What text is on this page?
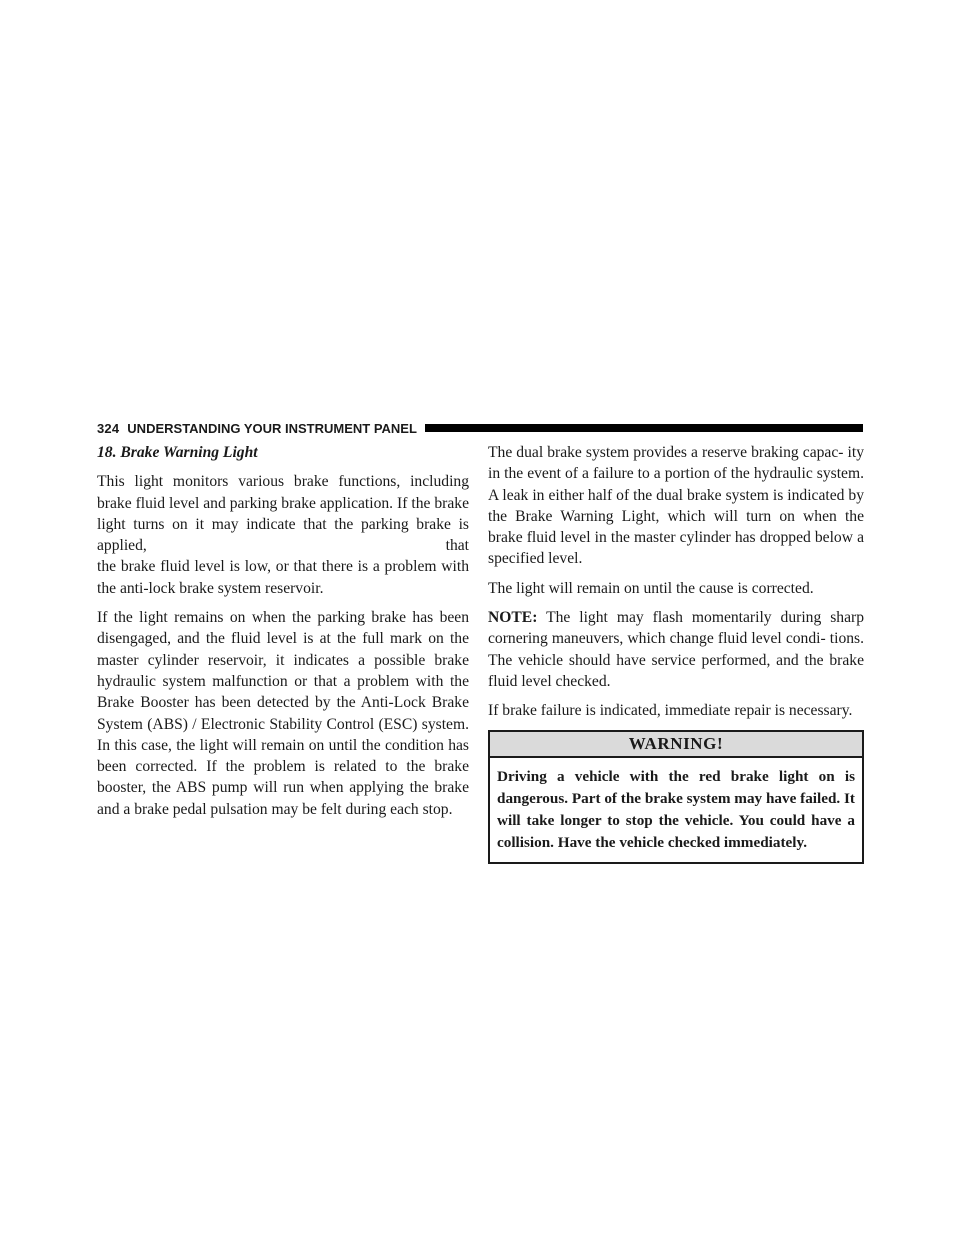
324 UNDERSTANDING YOUR INSTRUMENT PANEL

18. Brake Warning Light

This light monitors various brake functions, including brake fluid level and parking brake application. If the brake light turns on it may indicate that the parking brake is applied, that

the brake fluid level is low, or that there is a problem with the anti-lock brake system reservoir.

If the light remains on when the parking brake has been disengaged, and the fluid level is at the full mark on the master cylinder reservoir, it indicates a possible brake hydraulic system malfunction or that a problem with the Brake Booster has been detected by the Anti-Lock Brake System (ABS) / Electronic Stability Control (ESC) system. In this case, the light will remain on until the condition has been corrected. If the problem is related to the brake booster, the ABS pump will run when applying the brake and a brake pedal pulsation may be felt during each stop.

The dual brake system provides a reserve braking capac- ity in the event of a failure to a portion of the hydraulic system. A leak in either half of the dual brake system is indicated by the Brake Warning Light, which will turn on when the brake fluid level in the master cylinder has dropped below a specified level.

The light will remain on until the cause is corrected.

NOTE: The light may flash momentarily during sharp cornering maneuvers, which change fluid level condi- tions. The vehicle should have service performed, and the brake fluid level checked.

If brake failure is indicated, immediate repair is necessary.

WARNING!
Driving a vehicle with the red brake light on is dangerous. Part of the brake system may have failed. It will take longer to stop the vehicle. You could have a collision. Have the vehicle checked immediately.
